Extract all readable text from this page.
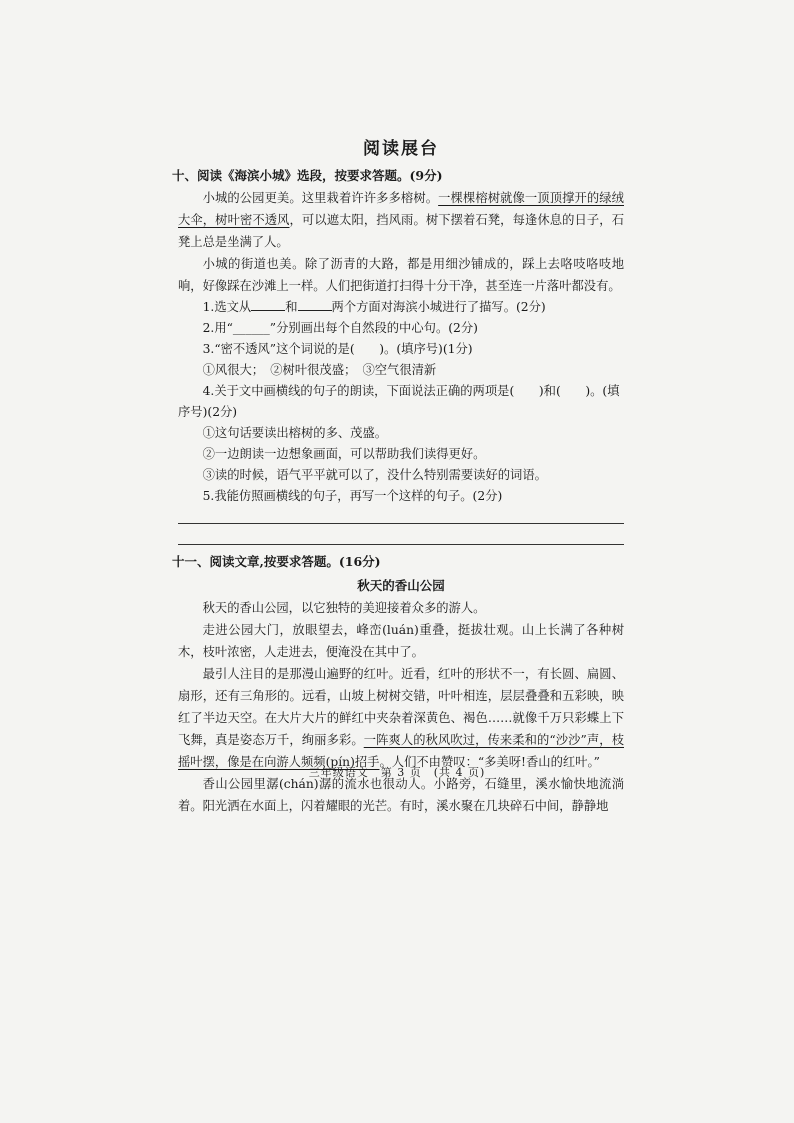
阅读展台
十、阅读《海滨小城》选段，按要求答题。(9分)
小城的公园更美。这里栽着许许多多榕树。一棵棵榕树就像一顶顶撑开的绿绒大伞，树叶密不透风，可以遮太阳，挡风雨。树下摆着石凳，每逢休息的日子，石凳上总是坐满了人。
小城的街道也美。除了沥青的大路，都是用细沙铺成的，踩上去咯吱咯吱地响，好像踩在沙滩上一样。人们把街道打扫得十分干净，甚至连一片落叶都没有。
1.选文从	和	两个方面对海滨小城进行了描写。(2分)
2.用“______”分别画出每个自然段的中心句。(2分)
3.“密不透风”这个词说的是(　　)。(填序号)(1分)
①风很大；　②树叶很茂盛；　③空气很清新
4.关于文中画横线的句子的朗读，下面说法正确的两项是(　　)和(　　)。(填序号)(2分)
①这句话要读出榕树的多、茂盛。
②一边朗读一边想象画面，可以帮助我们读得更好。
③读的时候，语气平平就可以了，没什么特别需要读好的词语。
5.我能仿照画横线的句子，再写一个这样的句子。(2分)
十一、阅读文章,按要求答题。(16分)
秋天的香山公园
秋天的香山公园，以它独特的美迎接着众多的游人。
走进公园大门，放眼望去，峰峦(luán)重叠，挺拔壮观。山上长满了各种树木，枝叶浓密，人走进去，便淹没在其中了。
最引人注目的是那漫山遍野的红叶。近看，红叶的形状不一，有长圆、扁圆、扇形，还有三角形的。远看，山坡上树树交错，叶叶相连，层层叠叠和五彩映，映红了半边天空。在大片大片的鲜红中夹杂着深黄色、褐色……就像千万只彩蝶上下飞舞，真是姿态万千，绚丽多彩。一阵爽人的秋风吹过，传来柔和的“沙沙”声，枝摇叶摆，像是在向游人频频(pín)招手。人们不由赞叹：“多美呀!香山的红叶。”
香山公园里潺(chán)潺的流水也很动人。小路旁，石缝里，溪水愉快地流淌着。阳光洒在水面上，闪着耀眼的光芒。有时，溪水聚在几块碎石中间，静静地
三年级语文　第 3 页　(共 4 页)
